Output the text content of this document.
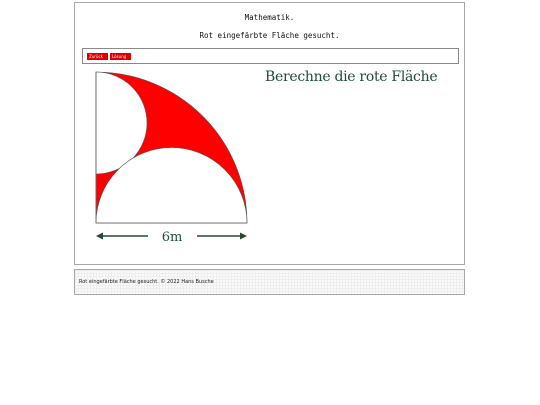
Mathematik.
Rot eingefärbte Fläche gesucht.
Zurück	Lösung
Berechne die rote Fläche
6m
Rot eingefärbte Fläche gesucht. © 2022 Hans Busche
